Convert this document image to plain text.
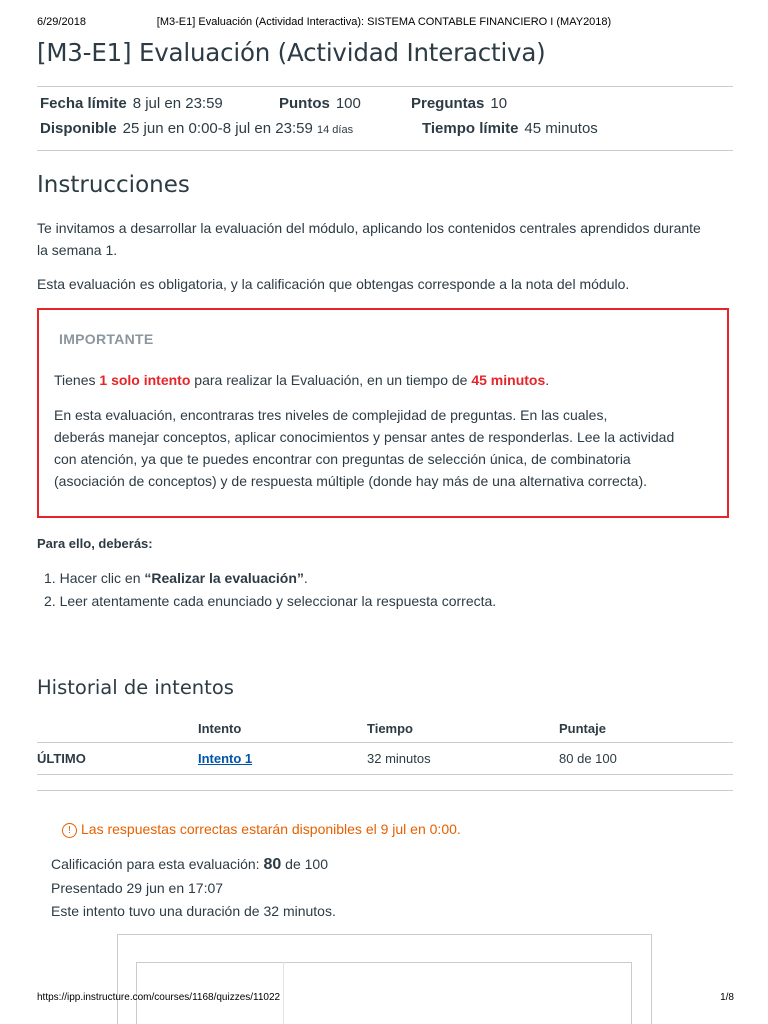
6/29/2018	[M3-E1] Evaluación (Actividad Interactiva): SISTEMA CONTABLE FINANCIERO I (MAY2018)
[M3-E1] Evaluación (Actividad Interactiva)
Fecha límite 8 jul en 23:59	Puntos 100	Preguntas 10
Disponible 25 jun en 0:00-8 jul en 23:59 14 días	Tiempo límite 45 minutos
Instrucciones
Te invitamos a desarrollar la evaluación del módulo, aplicando los contenidos centrales aprendidos durante
la semana 1.
Esta evaluación es obligatoria, y la calificación que obtengas corresponde a la nota del módulo.
IMPORTANTE
Tienes 1 solo intento para realizar la Evaluación, en un tiempo de 45 minutos.
En esta evaluación, encontraras tres niveles de complejidad de preguntas. En las cuales,
deberás manejar conceptos, aplicar conocimientos y pensar antes de responderlas. Lee la actividad
con atención, ya que te puedes encontrar con preguntas de selección única, de combinatoria
(asociación de conceptos) y de respuesta múltiple (donde hay más de una alternativa correcta).
Para ello, deberás:
1. Hacer clic en “Realizar la evaluación”.
2. Leer atentamente cada enunciado y seleccionar la respuesta correcta.
Historial de intentos
	Intento	Tiempo	Puntaje
ÚLTIMO	Intento 1	32 minutos	80 de 100
! Las respuestas correctas estarán disponibles el 9 jul en 0:00.
Calificación para esta evaluación: 80 de 100
Presentado 29 jun en 17:07
Este intento tuvo una duración de 32 minutos.
https://ipp.instructure.com/courses/1168/quizzes/11022	1/8
